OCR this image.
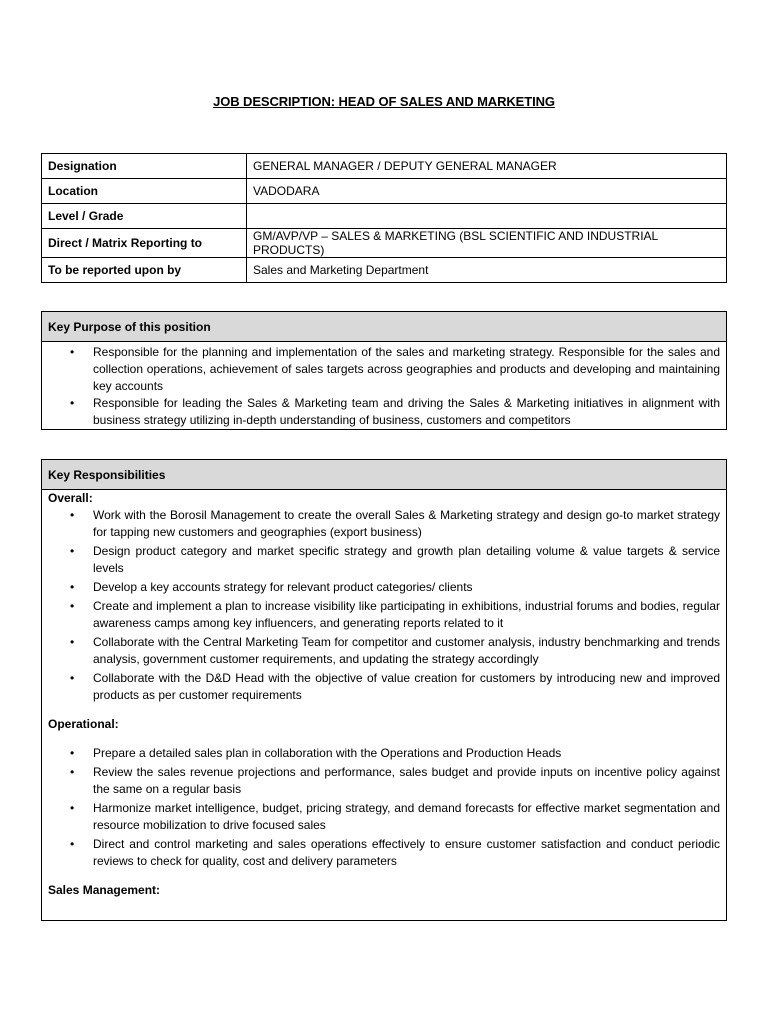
JOB DESCRIPTION: HEAD OF SALES AND MARKETING
Designation	GENERAL MANAGER / DEPUTY GENERAL MANAGER
Location	VADODARA
Level / Grade	
Direct / Matrix Reporting to	GM/AVP/VP – SALES & MARKETING (BSL SCIENTIFIC AND INDUSTRIAL PRODUCTS)
To be reported upon by	Sales and Marketing Department
Key Purpose of this position
• Responsible for the planning and implementation of the sales and marketing strategy. Responsible for the sales and collection operations, achievement of sales targets across geographies and products and developing and maintaining key accounts
• Responsible for leading the Sales & Marketing team and driving the Sales & Marketing initiatives in alignment with business strategy utilizing in-depth understanding of business, customers and competitors
Key Responsibilities
Overall:
• Work with the Borosil Management to create the overall Sales & Marketing strategy and design go-to market strategy for tapping new customers and geographies (export business)
• Design product category and market specific strategy and growth plan detailing volume & value targets & service levels
• Develop a key accounts strategy for relevant product categories/ clients
• Create and implement a plan to increase visibility like participating in exhibitions, industrial forums and bodies, regular awareness camps among key influencers, and generating reports related to it
• Collaborate with the Central Marketing Team for competitor and customer analysis, industry benchmarking and trends analysis, government customer requirements, and updating the strategy accordingly
• Collaborate with the D&D Head with the objective of value creation for customers by introducing new and improved products as per customer requirements
Operational:
• Prepare a detailed sales plan in collaboration with the Operations and Production Heads
• Review the sales revenue projections and performance, sales budget and provide inputs on incentive policy against the same on a regular basis
• Harmonize market intelligence, budget, pricing strategy, and demand forecasts for effective market segmentation and resource mobilization to drive focused sales
• Direct and control marketing and sales operations effectively to ensure customer satisfaction and conduct periodic reviews to check for quality, cost and delivery parameters
Sales Management:
